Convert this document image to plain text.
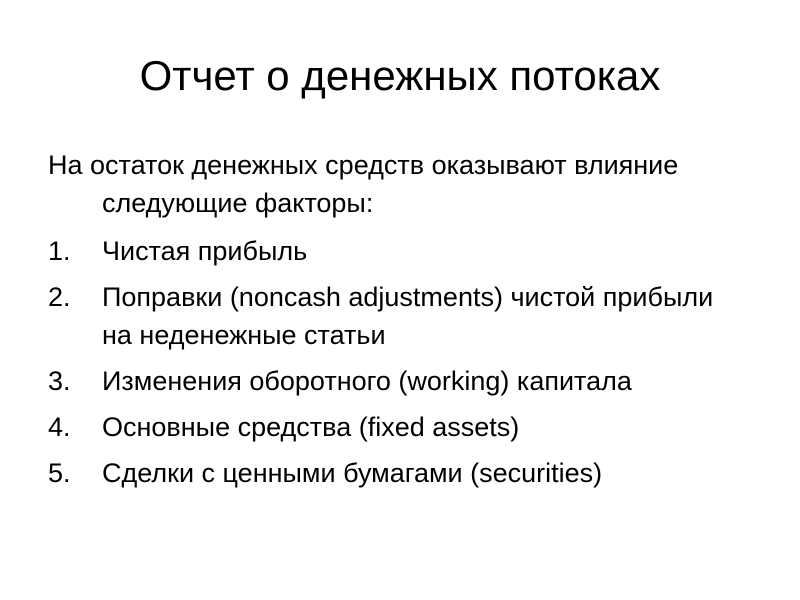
Отчет о денежных потоках

На остаток денежных средств оказывают влияние следующие факторы:

1. Чистая прибыль
2. Поправки (noncash adjustments) чистой прибыли на неденежные статьи
3. Изменения оборотного (working) капитала
4. Основные средства (fixed assets)
5. Сделки с ценными бумагами (securities)
